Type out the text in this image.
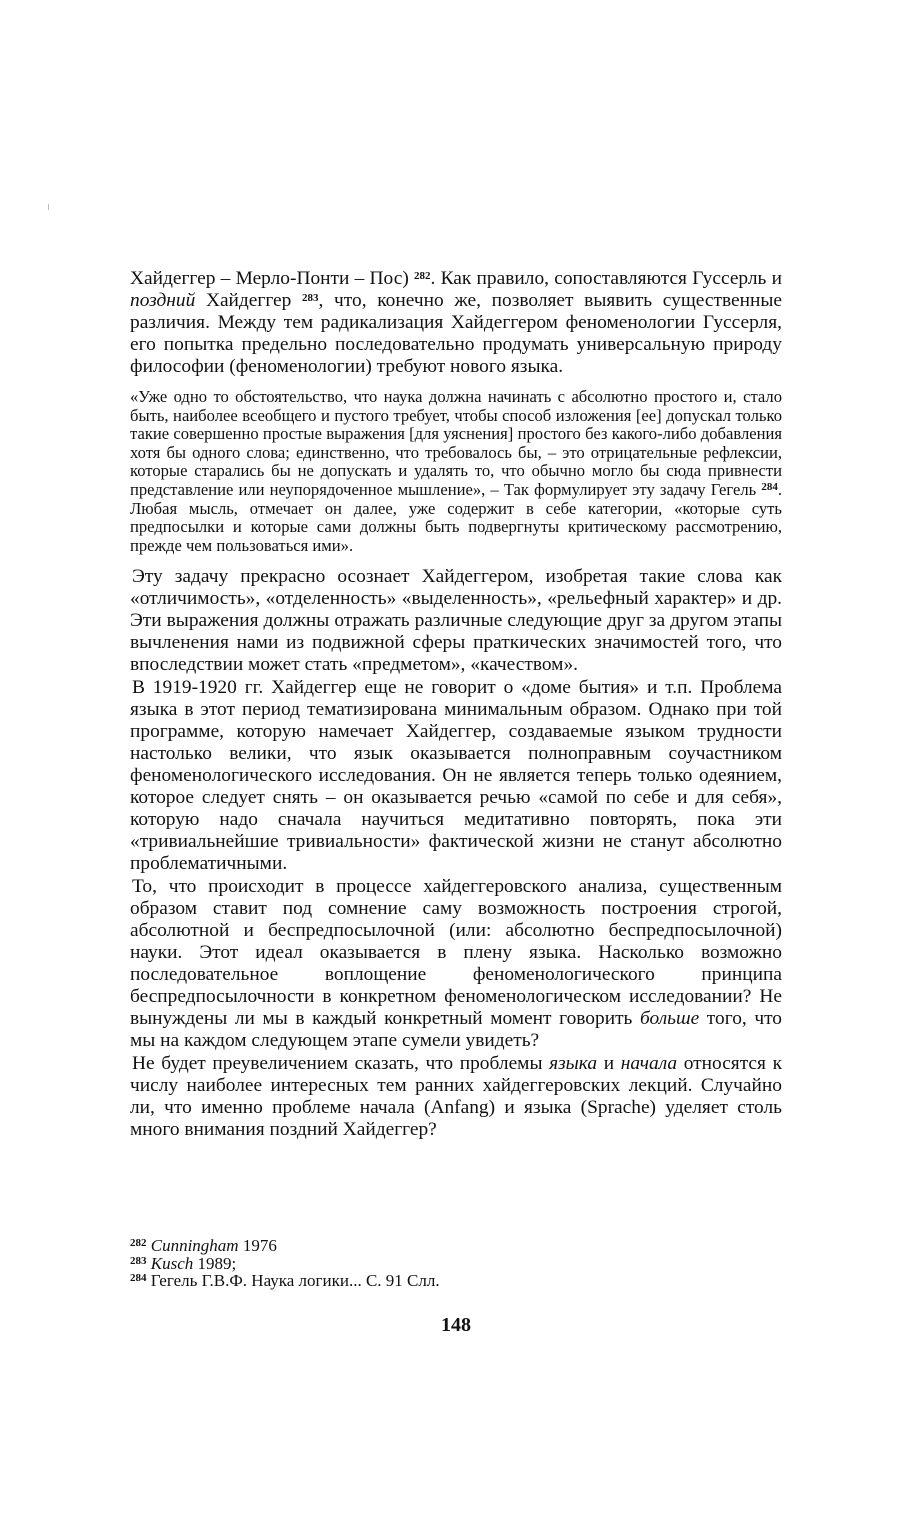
Хайдеггер – Мерло-Понти – Пос) $^{282}$. Как правило, сопоставляются Гуссерль и поздний Хайдеггер $^{283}$, что, конечно же, позволяет выявить существенные различия. Между тем радикализация Хайдеггером феноменологии Гуссерля, его попытка предельно последовательно продумать универсальную природу философии (феноменологии) требуют нового языка.

«Уже одно то обстоятельство, что наука должна начинать с абсолютно простого и, стало быть, наиболее всеобщего и пустого требует, чтобы способ изложения [ее] допускал только такие совершенно простые выражения [для уяснения] простого без какого-либо добавления хотя бы одного слова; единственно, что требовалось бы, – это отрицательные рефлексии, которые старались бы не допускать и удалять то, что обычно могло бы сюда привнести представление или неупорядоченное мышление», – Так формулирует эту задачу Гегель $^{284}$. Любая мысль, отмечает он далее, уже содержит в себе категории, «которые суть предпосылки и которые сами должны быть подвергнуты критическому рассмотрению, прежде чем пользоваться ими».

Эту задачу прекрасно осознает Хайдеггером, изобретая такие слова как «отличимость», «отделенность» «выделенность», «рельефный характер» и др. Эти выражения должны отражать различные следующие друг за другом этапы вычленения нами из подвижной сферы праткических значимостей того, что впоследствии может стать «предметом», «качеством».

В 1919-1920 гг. Хайдеггер еще не говорит о «доме бытия» и т.п. Проблема языка в этот период тематизирована минимальным образом. Однако при той программе, которую намечает Хайдеггер, создаваемые языком трудности настолько велики, что язык оказывается полноправным соучастником феноменологического исследования. Он не является теперь только одеянием, которое следует снять – он оказывается речью «самой по себе и для себя», которую надо сначала научиться медитативно повторять, пока эти «тривиальнейшие тривиальности» фактической жизни не станут абсолютно проблематичными.

То, что происходит в процессе хайдеггеровского анализа, существенным образом ставит под сомнение саму возможность построения строгой, абсолютной и беспредпосылочной (или: абсолютно беспредпосылочной) науки. Этот идеал оказывается в плену языка. Насколько возможно последовательное воплощение феноменологического принципа беспредпосылочности в конкретном феноменологическом исследовании? Не вынуждены ли мы в каждый конкретный момент говорить больше того, что мы на каждом следующем этапе сумели увидеть?

Не будет преувеличением сказать, что проблемы языка и начала относятся к числу наиболее интересных тем ранних хайдеггеровских лекций. Случайно ли, что именно проблеме начала (Anfang) и языка (Sprache) уделяет столь много внимания поздний Хайдеггер?

$^{282}$ Cunningham 1976
$^{283}$ Kusch 1989;
$^{284}$ Гегель Г.В.Ф. Наука логики... С. 91 Слл.
148
